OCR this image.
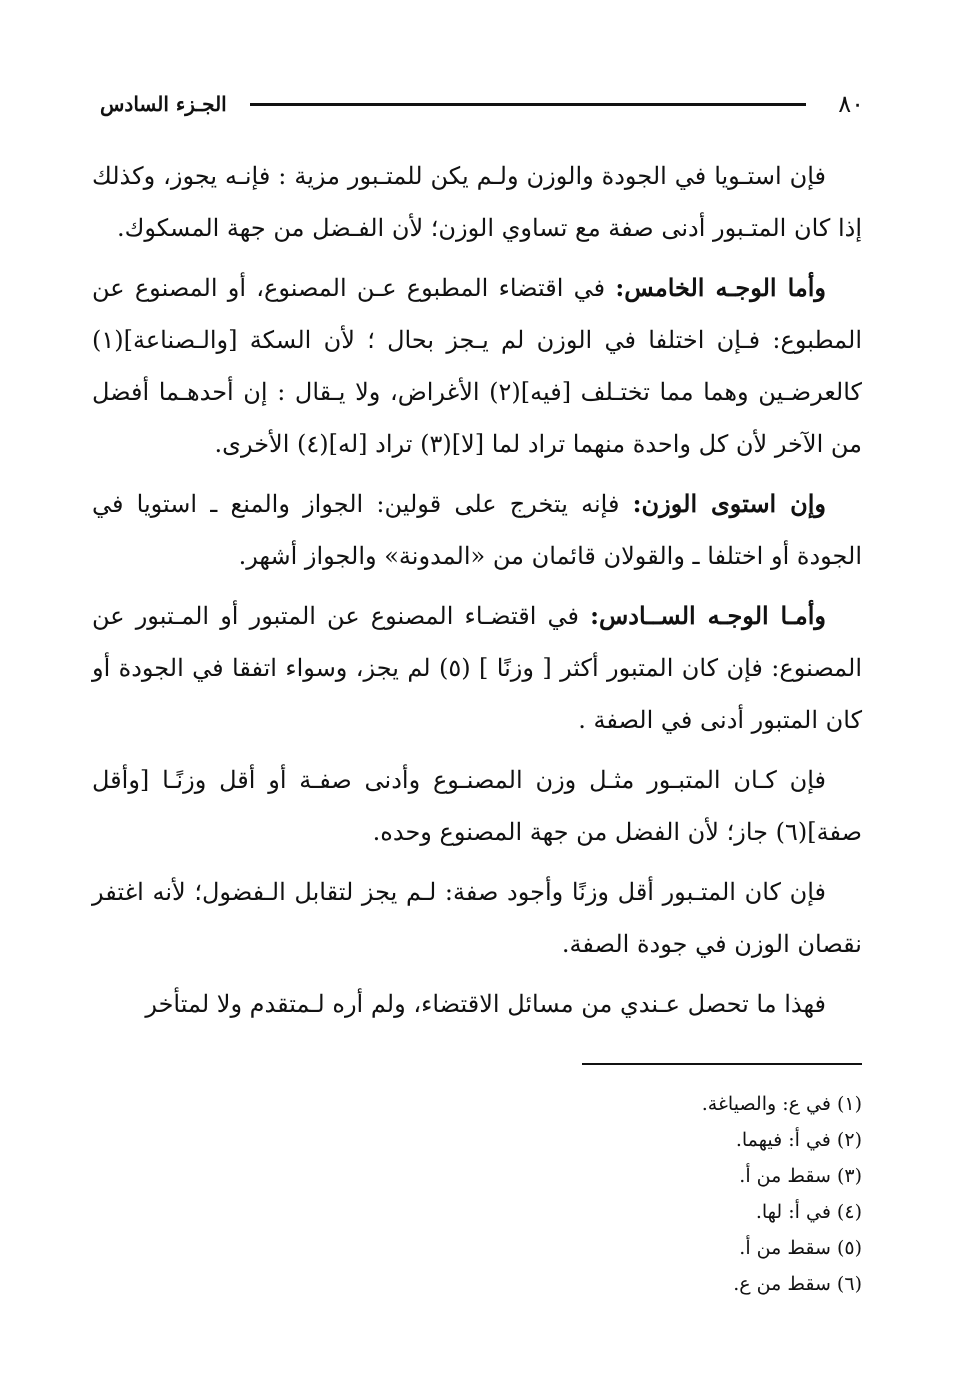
٨٠
الجـزء السادس

فإن استـويا في الجودة والوزن ولـم يكن للمتـبور مزية : فإنـه يجوز، وكذلك إذا كان المتـبور أدنى صفة مع تساوي الوزن؛ لأن الفـضل من جهة المسكوك.

وأما الوجـه الخامس: في اقتضاء المطبوع عـن المصنوع، أو المصنوع عن المطبوع: فـإن اختلفا في الوزن لم يـجز بحال ؛ لأن السكة [والـصناعة](١) كالعرضـين وهما مما تختـلف [فيه](٢) الأغراض، ولا يـقال : إن أحدهـما أفضل من الآخر لأن كل واحدة منهما تراد لما [لا](٣) تراد [له](٤) الأخرى.

وإن استوى الوزن: فإنه يتخرج على قولين: الجواز والمنع ـ استويا في الجودة أو اختلفا ـ والقولان قائمان من «المدونة» والجواز أشهر.

وأمـا الوجـه الســادس: في اقتضـاء المصنوع عن المتبور أو المـتبور عن المصنوع: فإن كان المتبور أكثر [ وزنًا ] (٥) لم يجز، وسواء اتفقا في الجودة أو كان المتبور أدنى في الصفة .

فإن كـان المتبـور مثـل وزن المصنـوع وأدنى صفـة أو أقل وزنًـا [وأقل صفة](٦) جاز؛ لأن الفضل من جهة المصنوع وحده.

فإن كان المتـبور أقل وزنًا وأجود صفة: لـم يجز لتقابل الـفضول؛ لأنه اغتفر نقصان الوزن في جودة الصفة.

فهذا ما تحصل عـندي من مسائل الاقتضاء، ولم أره لـمتقدم ولا لمتأخر

(١) في ع: والصياغة.
(٢) في أ: فيهما.
(٣) سقط من أ.
(٤) في أ: لها.
(٥) سقط من أ.
(٦) سقط من ع.
